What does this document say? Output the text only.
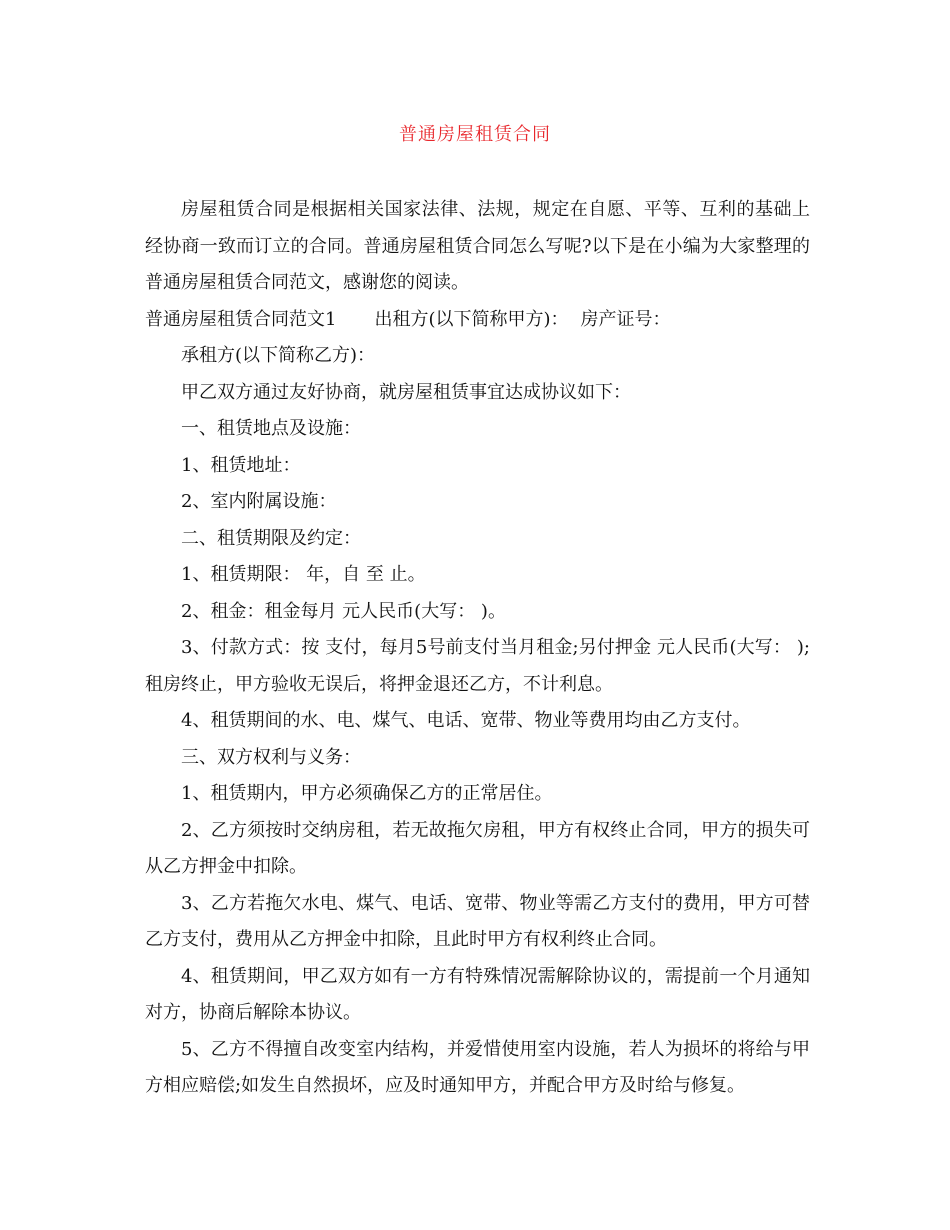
普通房屋租赁合同

房屋租赁合同是根据相关国家法律、法规，规定在自愿、平等、互利的基础上经协商一致而订立的合同。普通房屋租赁合同怎么写呢?以下是在小编为大家整理的普通房屋租赁合同范文，感谢您的阅读。

普通房屋租赁合同范文1 出租方(以下简称甲方)： 房产证号：

承租方(以下简称乙方)：

甲乙双方通过友好协商，就房屋租赁事宜达成协议如下：

一、租赁地点及设施：

1、租赁地址：

2、室内附属设施：

二、租赁期限及约定：

1、租赁期限： 年，自 至 止。

2、租金：租金每月 元人民币(大写： )。

3、付款方式：按 支付，每月5号前支付当月租金;另付押金 元人民币(大写： );租房终止，甲方验收无误后，将押金退还乙方，不计利息。

4、租赁期间的水、电、煤气、电话、宽带、物业等费用均由乙方支付。

三、双方权利与义务：

1、租赁期内，甲方必须确保乙方的正常居住。

2、乙方须按时交纳房租，若无故拖欠房租，甲方有权终止合同，甲方的损失可从乙方押金中扣除。

3、乙方若拖欠水电、煤气、电话、宽带、物业等需乙方支付的费用，甲方可替乙方支付，费用从乙方押金中扣除，且此时甲方有权利终止合同。

4、租赁期间，甲乙双方如有一方有特殊情况需解除协议的，需提前一个月通知对方，协商后解除本协议。

5、乙方不得擅自改变室内结构，并爱惜使用室内设施，若人为损坏的将给与甲方相应赔偿;如发生自然损坏，应及时通知甲方，并配合甲方及时给与修复。
